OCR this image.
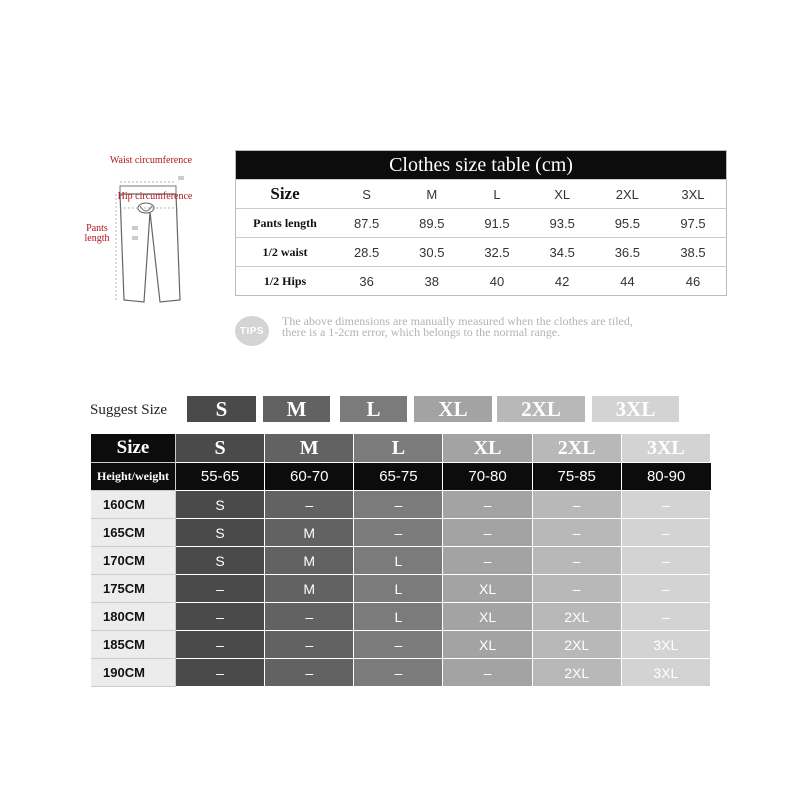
Waist circumference
Hip circumference
Pants length
Clothes size table (cm)						
Size	S	M	L	XL	2XL	3XL
Pants length	87.5	89.5	91.5	93.5	95.5	97.5
1/2 waist	28.5	30.5	32.5	34.5	36.5	38.5
1/2 Hips	36	38	40	42	44	46
TIPS
The above dimensions are manually measured when the clothes are tiled,
there is a 1-2cm error, which belongs to the normal range.
Suggest Size	S	M	L	XL	2XL	3XL
Size	S	M	L	XL	2XL	3XL
Height/weight	55-65	60-70	65-75	70-80	75-85	80-90
160CM	S	–	–	–	–	–
165CM	S	M	–	–	–	–
170CM	S	M	L	–	–	–
175CM	–	M	L	XL	–	–
180CM	–	–	L	XL	2XL	–
185CM	–	–	–	XL	2XL	3XL
190CM	–	–	–	–	2XL	3XL
